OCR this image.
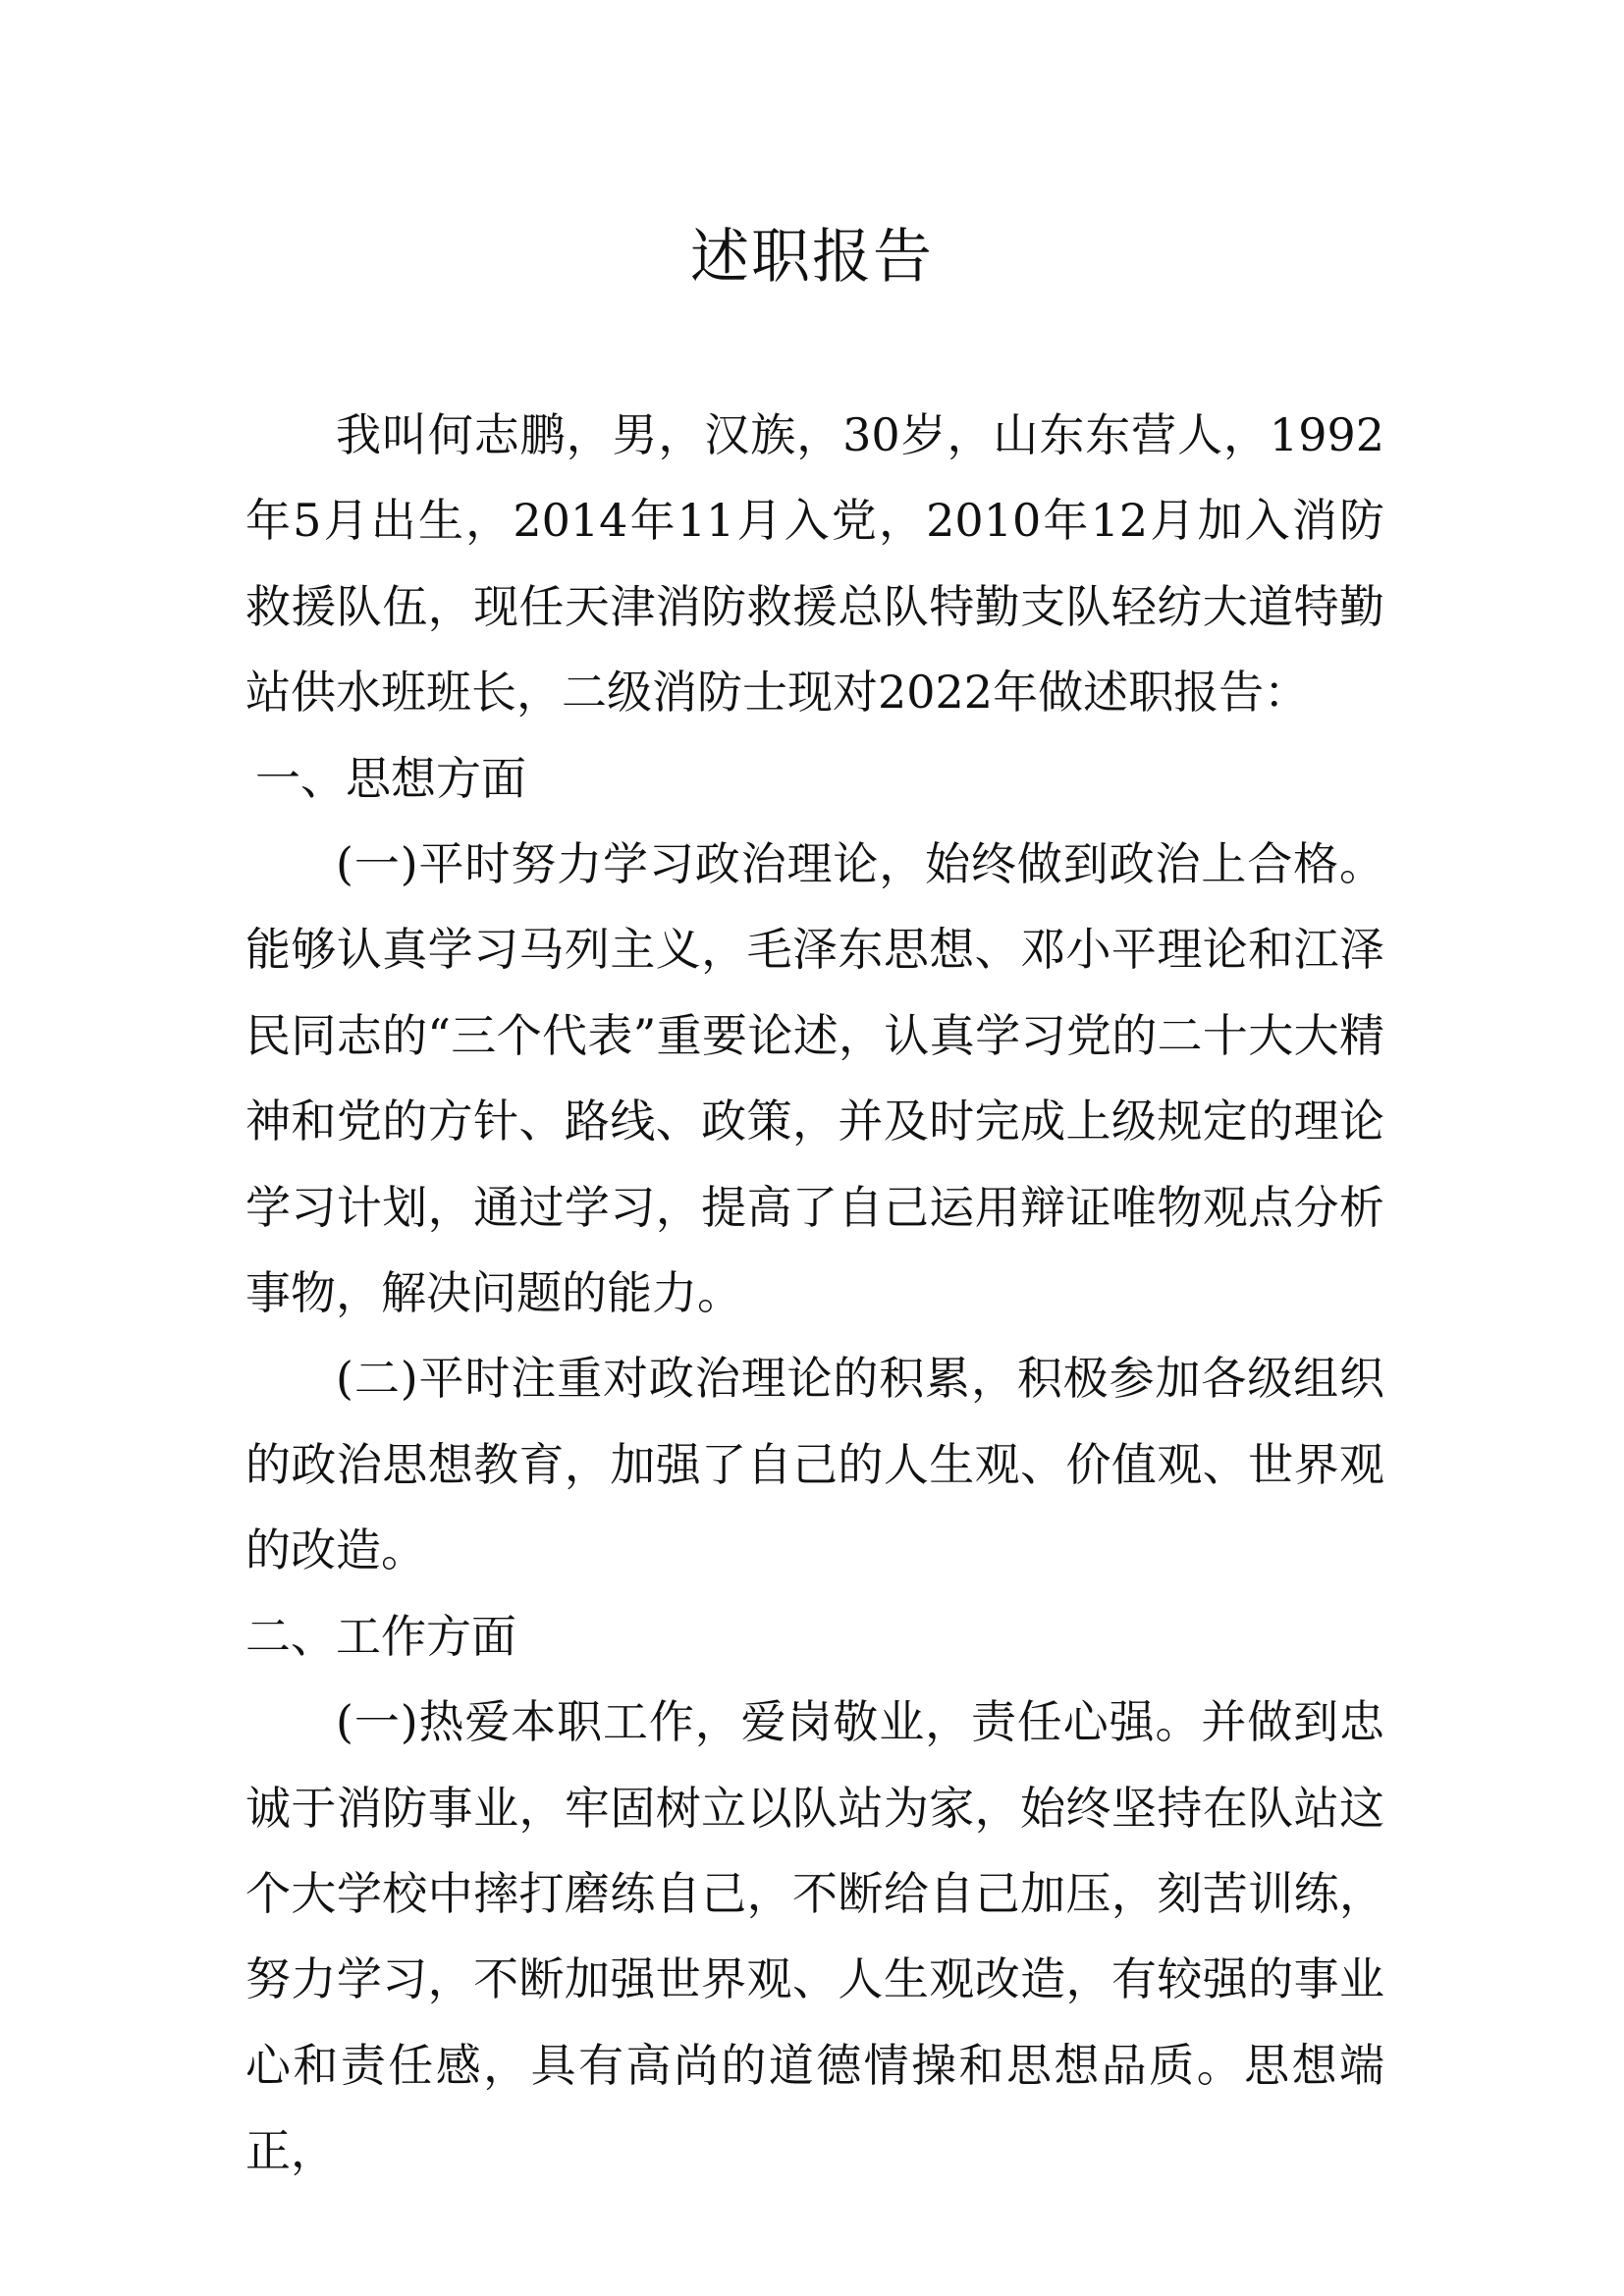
述职报告

我叫何志鹏，男，汉族，30岁，山东东营人，1992年5月出生，2014年11月入党，2010年12月加入消防救援队伍，现任天津消防救援总队特勤支队轻纺大道特勤站供水班班长，二级消防士现对2022年做述职报告：

一、思想方面

(一)平时努力学习政治理论，始终做到政治上合格。能够认真学习马列主义，毛泽东思想、邓小平理论和江泽民同志的“三个代表”重要论述，认真学习党的二十大大精神和党的方针、路线、政策，并及时完成上级规定的理论学习计划，通过学习，提高了自己运用辩证唯物观点分析事物，解决问题的能力。

(二)平时注重对政治理论的积累，积极参加各级组织的政治思想教育，加强了自己的人生观、价值观、世界观的改造。

二、工作方面

(一)热爱本职工作，爱岗敬业，责任心强。并做到忠诚于消防事业，牢固树立以队站为家，始终坚持在队站这个大学校中摔打磨练自己，不断给自己加压，刻苦训练，努力学习，不断加强世界观、人生观改造，有较强的事业心和责任感，具有高尚的道德情操和思想品质。思想端正，
